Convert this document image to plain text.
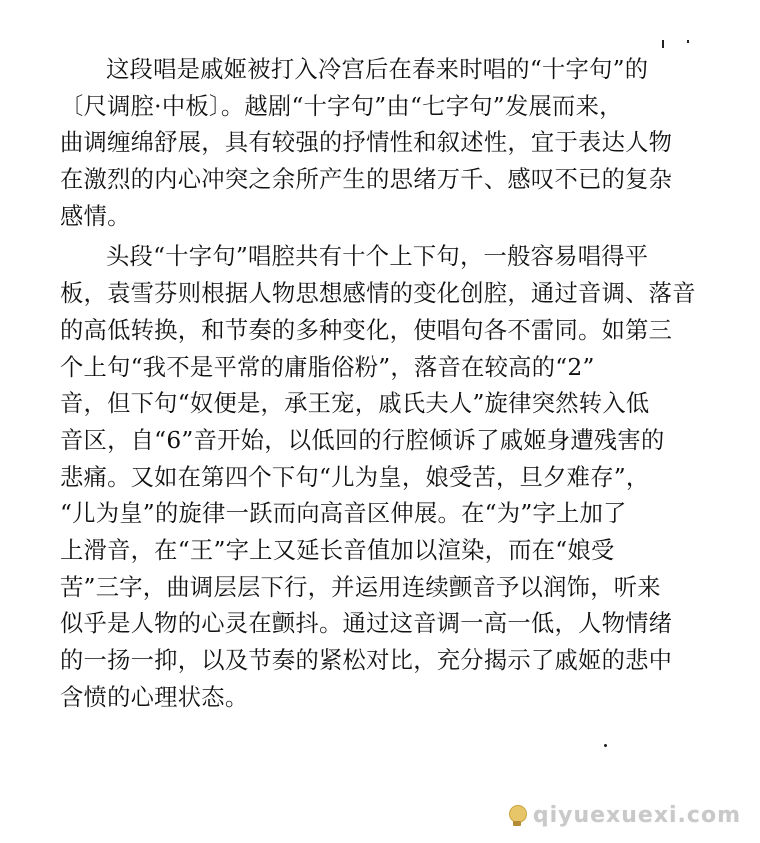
这段唱是戚姬被打入冷宫后在春来时唱的“十字句”的
〔尺调腔·中板〕。越剧“十字句”由“七字句”发展而来，
曲调缠绵舒展，具有较强的抒情性和叙述性，宜于表达人物
在激烈的内心冲突之余所产生的思绪万千、感叹不已的复杂
感情。
头段“十字句”唱腔共有十个上下句，一般容易唱得平
板，袁雪芬则根据人物思想感情的变化创腔，通过音调、落音
的高低转换，和节奏的多种变化，使唱句各不雷同。如第三
个上句“我不是平常的庸脂俗粉”，落音在较高的“2”
音，但下句“奴便是，承王宠，戚氏夫人”旋律突然转入低
音区，自“6”音开始，以低回的行腔倾诉了戚姬身遭残害的
悲痛。又如在第四个下句“儿为皇，娘受苦，旦夕难存”，
“儿为皇”的旋律一跃而向高音区伸展。在“为”字上加了
上滑音，在“王”字上又延长音值加以渲染，而在“娘受
苦”三字，曲调层层下行，并运用连续颤音予以润饰，听来
似乎是人物的心灵在颤抖。通过这音调一高一低，人物情绪
的一扬一抑，以及节奏的紧松对比，充分揭示了戚姬的悲中
含愤的心理状态。
qiyuexuexi.com
